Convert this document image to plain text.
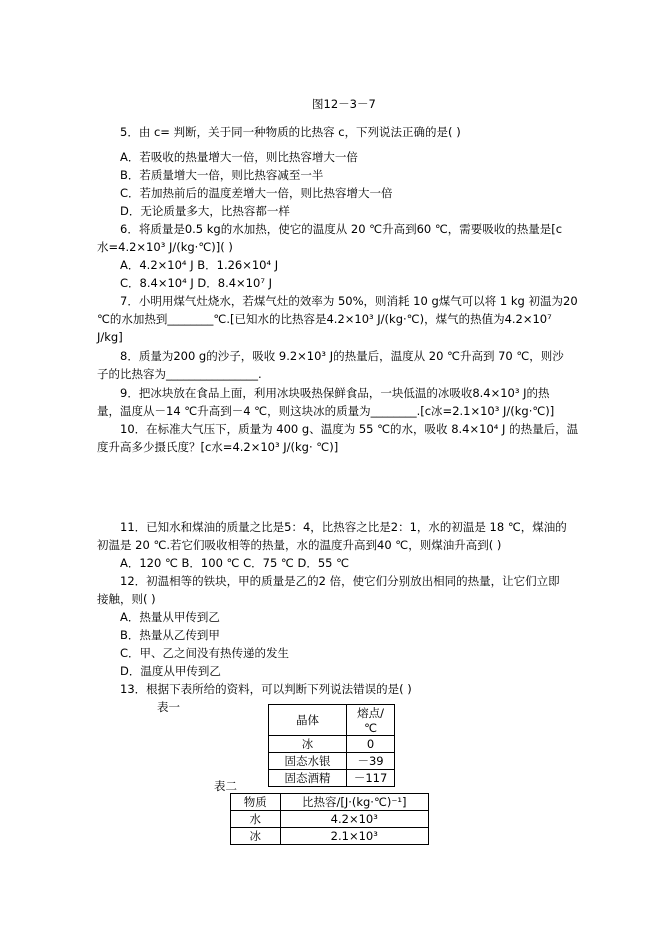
图12－3－7
5．由 c= 判断，关于同一种物质的比热容 c，下列说法正确的是( )
A．若吸收的热量增大一倍，则比热容增大一倍
B．若质量增大一倍，则比热容减至一半
C．若加热前后的温度差增大一倍，则比热容增大一倍
D．无论质量多大，比热容都一样
6．将质量是0.5 kg的水加热，使它的温度从 20 ℃升高到60 ℃，需要吸收的热量是[c
水=4.2×10³ J/(kg·℃)]( )
A．4.2×10⁴ J B．1.26×10⁴ J
C．8.4×10⁴ J D．8.4×10⁷ J
7．小明用煤气灶烧水，若煤气灶的效率为 50%，则消耗 10 g煤气可以将 1 kg 初温为20
℃的水加热到________℃.[已知水的比热容是4.2×10³ J/(kg·℃)，煤气的热值为4.2×10⁷
J/kg]
8．质量为200 g的沙子，吸收 9.2×10³ J的热量后，温度从 20 ℃升高到 70 ℃，则沙
子的比热容为________________.
9．把冰块放在食品上面，利用冰块吸热保鲜食品，一块低温的冰吸收8.4×10³ J的热
量，温度从－14 ℃升高到－4 ℃，则这块冰的质量为________.[c冰=2.1×10³ J/(kg·℃)]
10．在标准大气压下，质量为 400 g、温度为 55 ℃的水，吸收 8.4×10⁴ J 的热量后，温
度升高多少摄氏度？[c水=4.2×10³ J/(kg· ℃)]
11．已知水和煤油的质量之比是5：4，比热容之比是2：1，水的初温是 18 ℃，煤油的
初温是 20 ℃.若它们吸收相等的热量，水的温度升高到40 ℃，则煤油升高到( )
A．120 ℃ B．100 ℃ C．75 ℃ D．55 ℃
12．初温相等的铁块，甲的质量是乙的2 倍，使它们分别放出相同的热量，让它们立即
接触，则( )
A．热量从甲传到乙
B．热量从乙传到甲
C．甲、乙之间没有热传递的发生
D．温度从甲传到乙
13．根据下表所给的资料，可以判断下列说法错误的是( )
表一
晶体	熔点/℃
冰	0
固态水银	－39
固态酒精	－117
表二
物质	比热容/[J·(kg·℃)⁻¹]
水	4.2×10³
冰	2.1×10³
